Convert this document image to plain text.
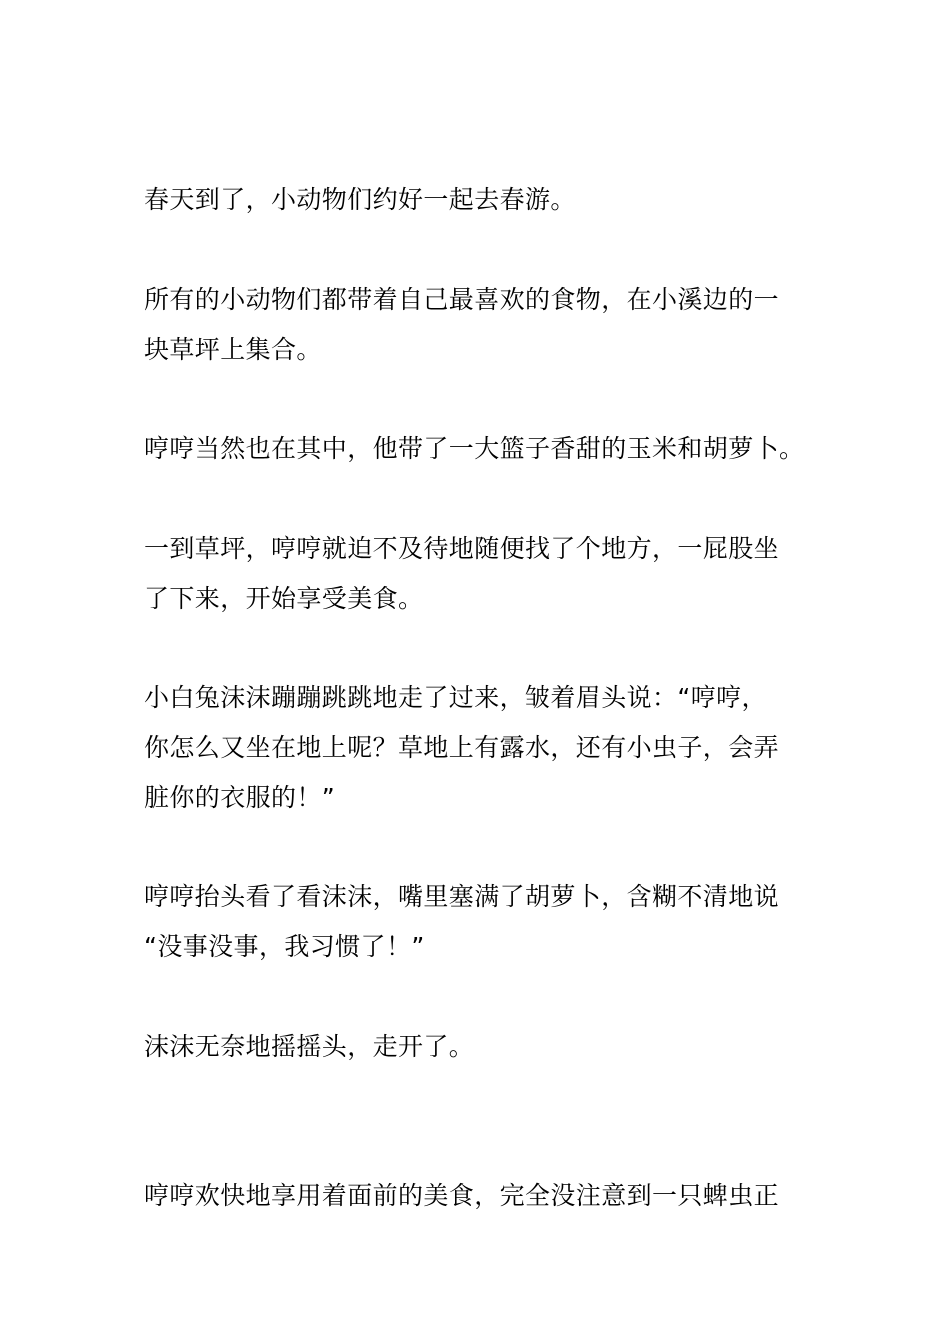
春天到了，小动物们约好一起去春游。

所有的小动物们都带着自己最喜欢的食物，在小溪边的一
块草坪上集合。

哼哼当然也在其中，他带了一大篮子香甜的玉米和胡萝卜。

一到草坪，哼哼就迫不及待地随便找了个地方，一屁股坐
了下来，开始享受美食。

小白兔沫沫蹦蹦跳跳地走了过来，皱着眉头说：“哼哼，
你怎么又坐在地上呢？草地上有露水，还有小虫子，会弄
脏你的衣服的！”

哼哼抬头看了看沫沫，嘴里塞满了胡萝卜，含糊不清地说
“没事没事，我习惯了！”

沫沫无奈地摇摇头，走开了。

哼哼欢快地享用着面前的美食，完全没注意到一只蜱虫正
